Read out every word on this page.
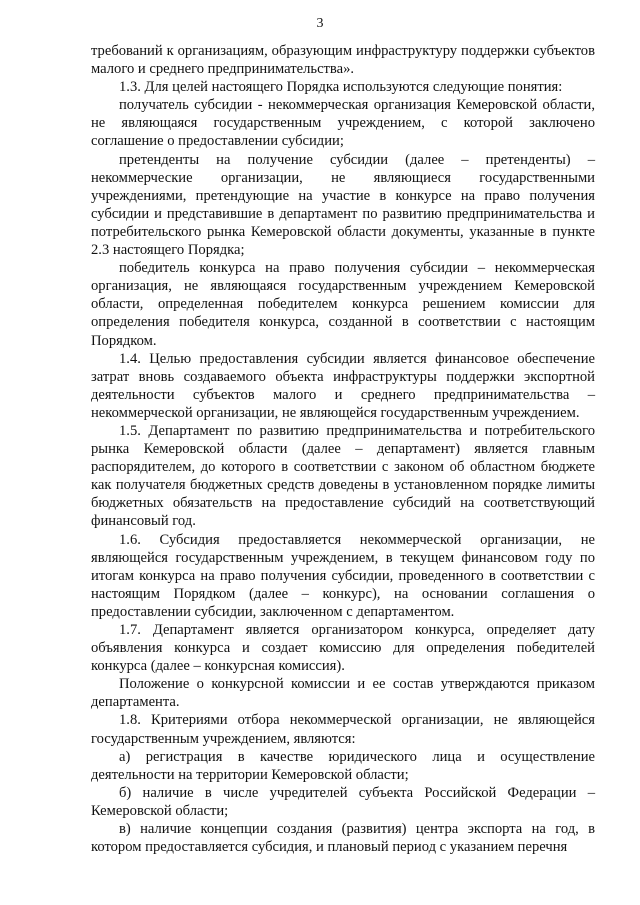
3

требований к организациям, образующим инфраструктуру поддержки субъектов малого и среднего предпринимательства».

1.3. Для целей настоящего Порядка используются следующие понятия:

получатель субсидии - некоммерческая организация Кемеровской области, не являющаяся государственным учреждением, с которой заключено соглашение о предоставлении субсидии;

претенденты на получение субсидии (далее – претенденты) – некоммерческие организации, не являющиеся государственными учреждениями, претендующие на участие в конкурсе на право получения субсидии и представившие в департамент по развитию предпринимательства и потребительского рынка Кемеровской области документы, указанные в пункте 2.3 настоящего Порядка;

победитель конкурса на право получения субсидии – некоммерческая организация, не являющаяся государственным учреждением Кемеровской области, определенная победителем конкурса решением комиссии для определения победителя конкурса, созданной в соответствии с настоящим Порядком.

1.4. Целью предоставления субсидии является финансовое обеспечение затрат вновь создаваемого объекта инфраструктуры поддержки экспортной деятельности субъектов малого и среднего предпринимательства – некоммерческой организации, не являющейся государственным учреждением.

1.5. Департамент по развитию предпринимательства и потребительского рынка Кемеровской области (далее – департамент) является главным распорядителем, до которого в соответствии с законом об областном бюджете как получателя бюджетных средств доведены в установленном порядке лимиты бюджетных обязательств на предоставление субсидий на соответствующий финансовый год.

1.6. Субсидия предоставляется некоммерческой организации, не являющейся государственным учреждением, в текущем финансовом году по итогам конкурса на право получения субсидии, проведенного в соответствии с настоящим Порядком (далее – конкурс), на основании соглашения о предоставлении субсидии, заключенном с департаментом.

1.7. Департамент является организатором конкурса, определяет дату объявления конкурса и создает комиссию для определения победителей конкурса (далее – конкурсная комиссия).

Положение о конкурсной комиссии и ее состав утверждаются приказом департамента.

1.8. Критериями отбора некоммерческой организации, не являющейся государственным учреждением, являются:

а) регистрация в качестве юридического лица и осуществление деятельности на территории Кемеровской области;

б) наличие в числе учредителей субъекта Российской Федерации – Кемеровской области;

в) наличие концепции создания (развития) центра экспорта на год, в котором предоставляется субсидия, и плановый период с указанием перечня
